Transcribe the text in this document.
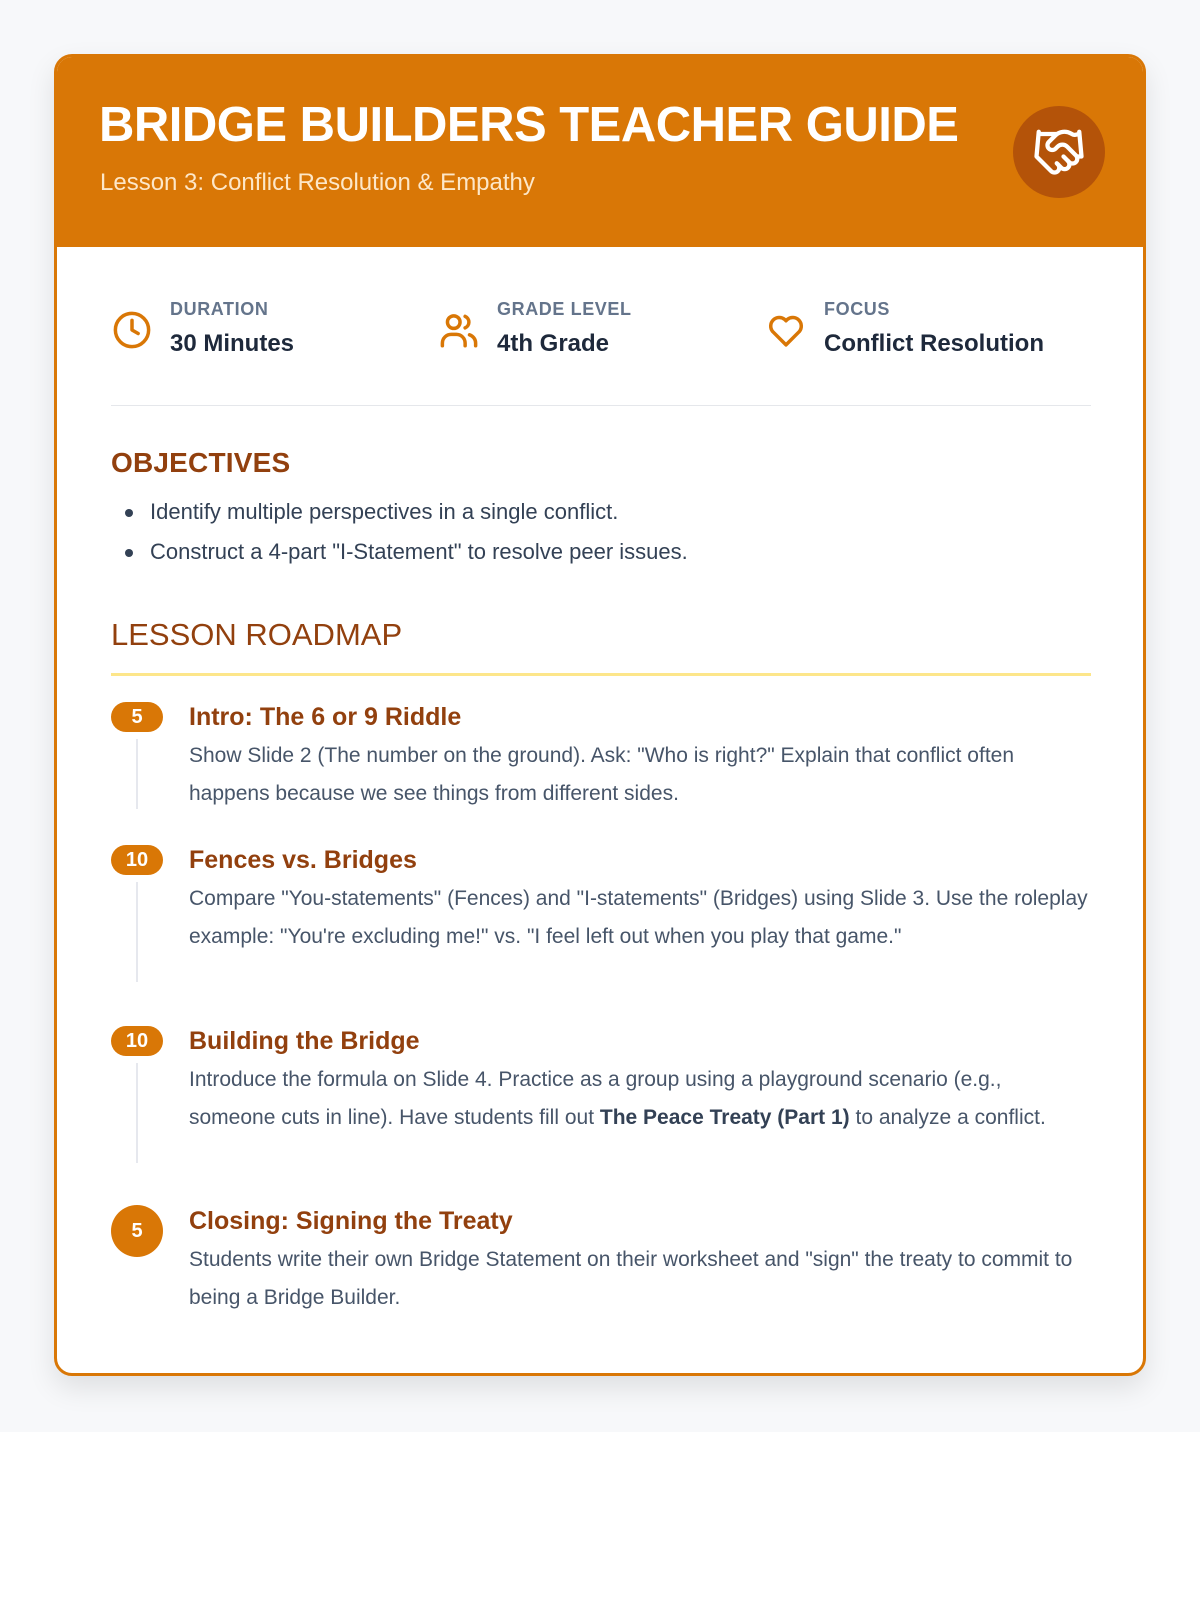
BRIDGE BUILDERS TEACHER GUIDE
Lesson 3: Conflict Resolution & Empathy
DURATION
30 Minutes
GRADE LEVEL
4th Grade
FOCUS
Conflict Resolution
OBJECTIVES
Identify multiple perspectives in a single conflict.
Construct a 4-part "I-Statement" to resolve peer issues.
LESSON ROADMAP
5	Intro: The 6 or 9 Riddle
Show Slide 2 (The number on the ground). Ask: "Who is right?" Explain that conflict often happens because we see things from different sides.
10	Fences vs. Bridges
Compare "You-statements" (Fences) and "I-statements" (Bridges) using Slide 3. Use the roleplay example: "You're excluding me!" vs. "I feel left out when you play that game."
10	Building the Bridge
Introduce the formula on Slide 4. Practice as a group using a playground scenario (e.g., someone cuts in line). Have students fill out The Peace Treaty (Part 1) to analyze a conflict.
5	Closing: Signing the Treaty
Students write their own Bridge Statement on their worksheet and "sign" the treaty to commit to being a Bridge Builder.
